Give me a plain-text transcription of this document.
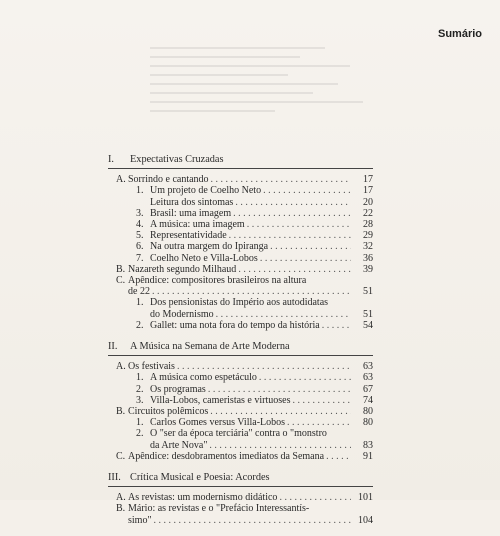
Sumário
I. Expectativas Cruzadas
A. Sorrindo e cantando . . .	17
1. Um projeto de Coelho Neto . . .	17
Leitura dos sintomas . . .	20
3. Brasil: uma imagem . . .	22
4. A música: uma imagem . . .	28
5. Representatividade . . .	29
6. Na outra margem do Ipiranga . . .	32
7. Coelho Neto e Villa-Lobos . . .	36
B. Nazareth segundo Milhaud . . .	39
C. Apêndice: compositores brasileiros na altura
de 22 . . .	51
1. Dos pensionistas do Império aos autodidatas
do Modernismo . . .	51
2. Gallet: uma nota fora do tempo da história . . .	54
II. A Música na Semana de Arte Moderna
A. Os festivais . . .	63
1. A música como espetáculo . . .	63
2. Os programas . . .	67
3. Villa-Lobos, cameristas e virtuoses . . .	74
B. Circuitos polêmicos . . .	80
1. Carlos Gomes versus Villa-Lobos . . .	80
2. O "ser da época terciária" contra o "monstro
da Arte Nova" . . .	83
C. Apêndice: desdobramentos imediatos da Semana . . .	91
III. Crítica Musical e Poesia: Acordes
A. As revistas: um modernismo didático . . .	101
B. Mário: as revistas e o "Prefácio Interessantís-
simo" . . .	104
